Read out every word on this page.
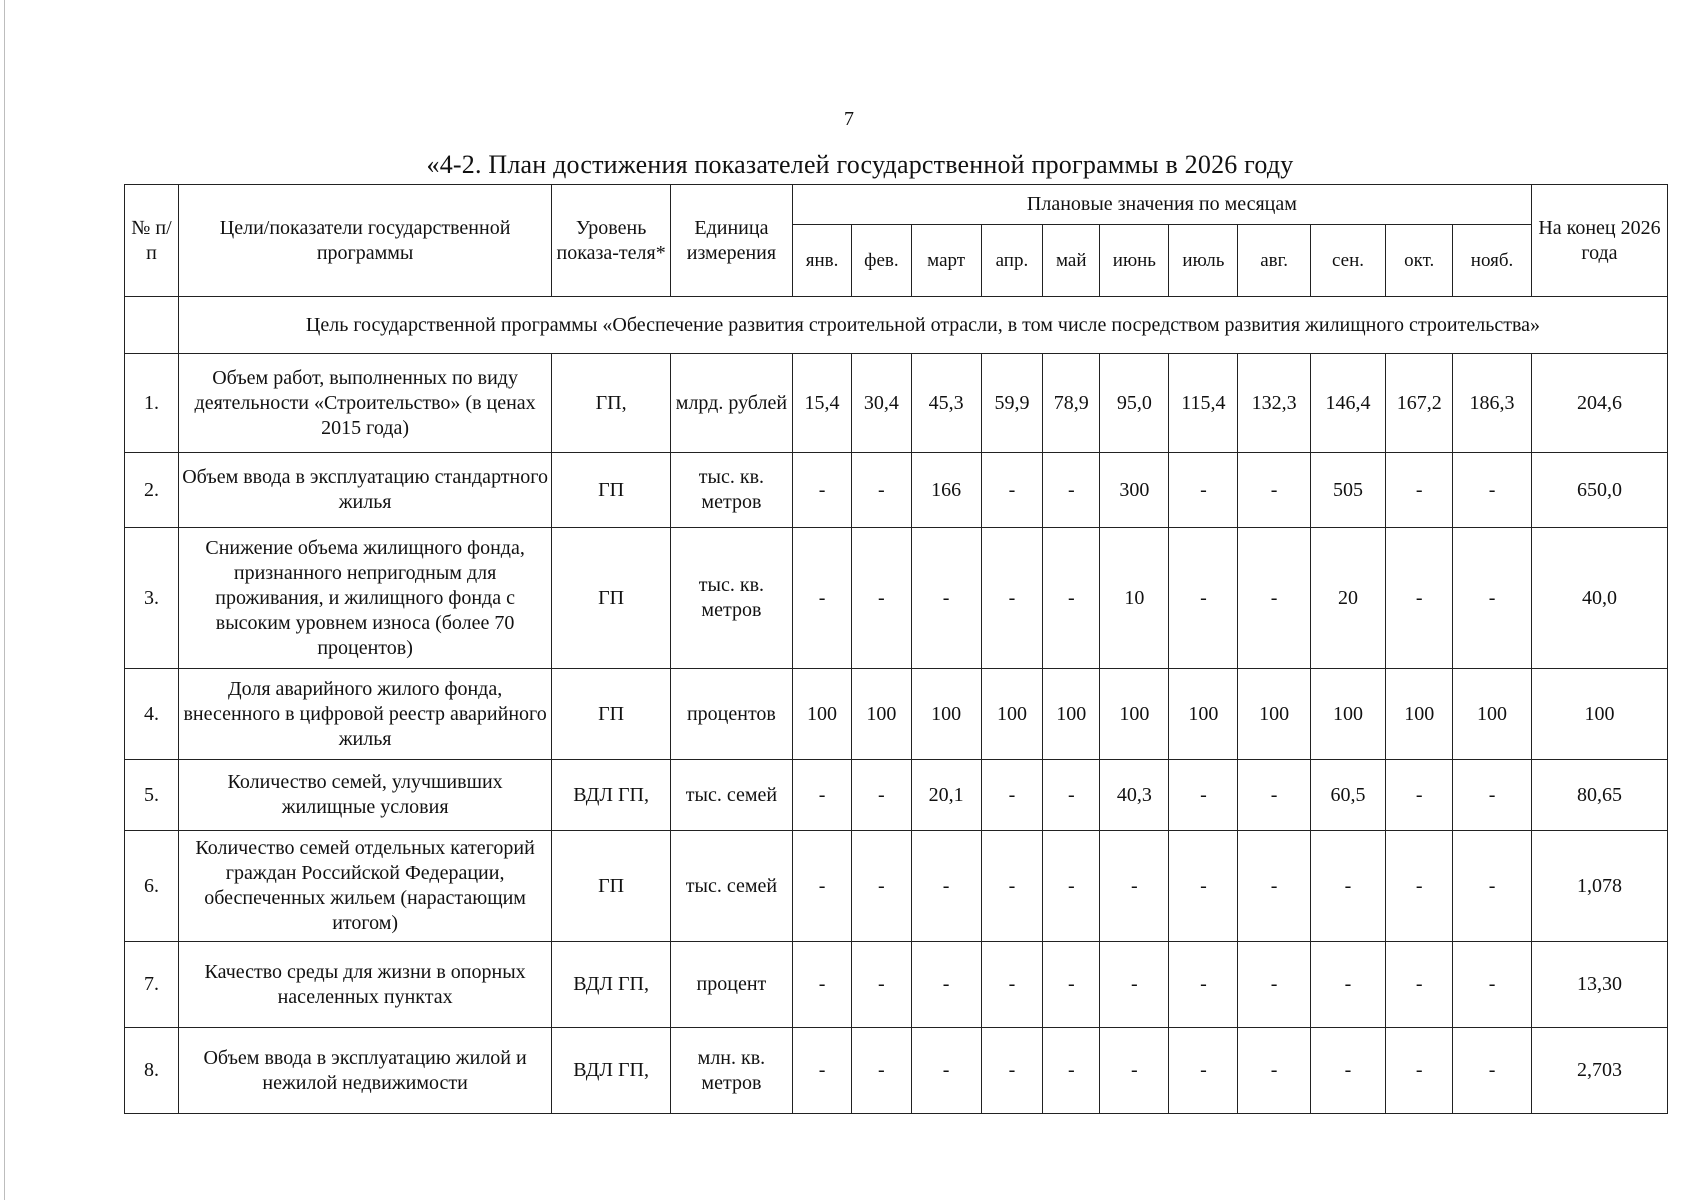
7
«4-2. План достижения показателей государственной программы в 2026 году
№ п/п	Цели/показатели государственной программы	Уровень показа-теля*	Единица измерения	Плановые значения по месяцам											На конец 2026 года
				янв.	фев.	март	апр.	май	июнь	июль	авг.	сен.	окт.	нояб.	
	Цель государственной программы «Обеспечение развития строительной отрасли, в том числе посредством развития жилищного строительства»														
1.	Объем работ, выполненных по виду деятельности «Строительство» (в ценах 2015 года)	ГП,	млрд. рублей	15,4	30,4	45,3	59,9	78,9	95,0	115,4	132,3	146,4	167,2	186,3	204,6
2.	Объем ввода в эксплуатацию стандартного жилья	ГП	тыс. кв. метров	-	-	166	-	-	300	-	-	505	-	-	650,0
3.	Снижение объема жилищного фонда, признанного непригодным для проживания, и жилищного фонда с высоким уровнем износа (более 70 процентов)	ГП	тыс. кв. метров	-	-	-	-	-	10	-	-	20	-	-	40,0
4.	Доля аварийного жилого фонда, внесенного в цифровой реестр аварийного жилья	ГП	процентов	100	100	100	100	100	100	100	100	100	100	100	100
5.	Количество семей, улучшивших жилищные условия	ВДЛ ГП,	тыс. семей	-	-	20,1	-	-	40,3	-	-	60,5	-	-	80,65
6.	Количество семей отдельных категорий граждан Российской Федерации, обеспеченных жильем (нарастающим итогом)	ГП	тыс. семей	-	-	-	-	-	-	-	-	-	-	-	1,078
7.	Качество среды для жизни в опорных населенных пунктах	ВДЛ ГП,	процент	-	-	-	-	-	-	-	-	-	-	-	13,30
8.	Объем ввода в эксплуатацию жилой и нежилой недвижимости	ВДЛ ГП,	млн. кв. метров	-	-	-	-	-	-	-	-	-	-	-	2,703
